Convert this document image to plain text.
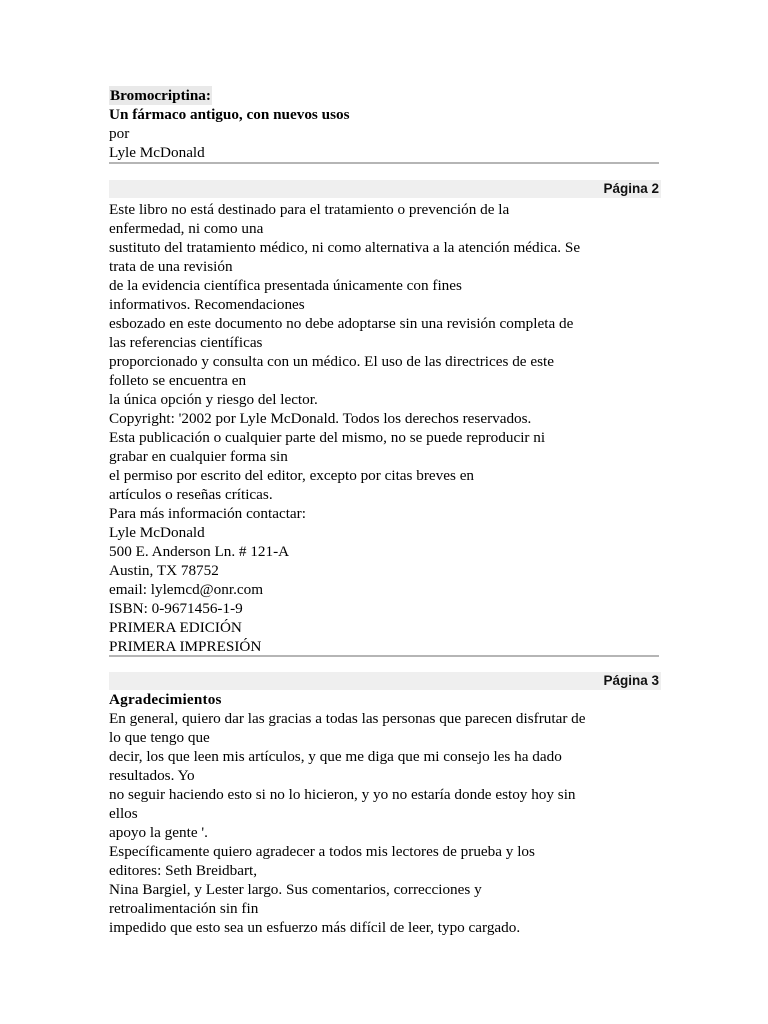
Bromocriptina:
Un fármaco antiguo, con nuevos usos
por
Lyle McDonald
Página 2
Este libro no está destinado para el tratamiento o prevención de la
enfermedad, ni como una
sustituto del tratamiento médico, ni como alternativa a la atención médica. Se
trata de una revisión
de la evidencia científica presentada únicamente con fines
informativos. Recomendaciones
esbozado en este documento no debe adoptarse sin una revisión completa de
las referencias científicas
proporcionado y consulta con un médico. El uso de las directrices de este
folleto se encuentra en
la única opción y riesgo del lector.
Copyright: '2002 por Lyle McDonald. Todos los derechos reservados.
Esta publicación o cualquier parte del mismo, no se puede reproducir ni
grabar en cualquier forma sin
el permiso por escrito del editor, excepto por citas breves en
artículos o reseñas críticas.
Para más información contactar:
Lyle McDonald
500 E. Anderson Ln. # 121-A
Austin, TX 78752
email: lylemcd@onr.com
ISBN: 0-9671456-1-9
PRIMERA EDICIÓN
PRIMERA IMPRESIÓN
Página 3
Agradecimientos
En general, quiero dar las gracias a todas las personas que parecen disfrutar de
lo que tengo que
decir, los que leen mis artículos, y que me diga que mi consejo les ha dado
resultados. Yo
no seguir haciendo esto si no lo hicieron, y yo no estaría donde estoy hoy sin
ellos
apoyo la gente '.
Específicamente quiero agradecer a todos mis lectores de prueba y los
editores: Seth Breidbart,
Nina Bargiel, y Lester largo. Sus comentarios, correcciones y
retroalimentación sin fin
impedido que esto sea un esfuerzo más difícil de leer, typo cargado.
